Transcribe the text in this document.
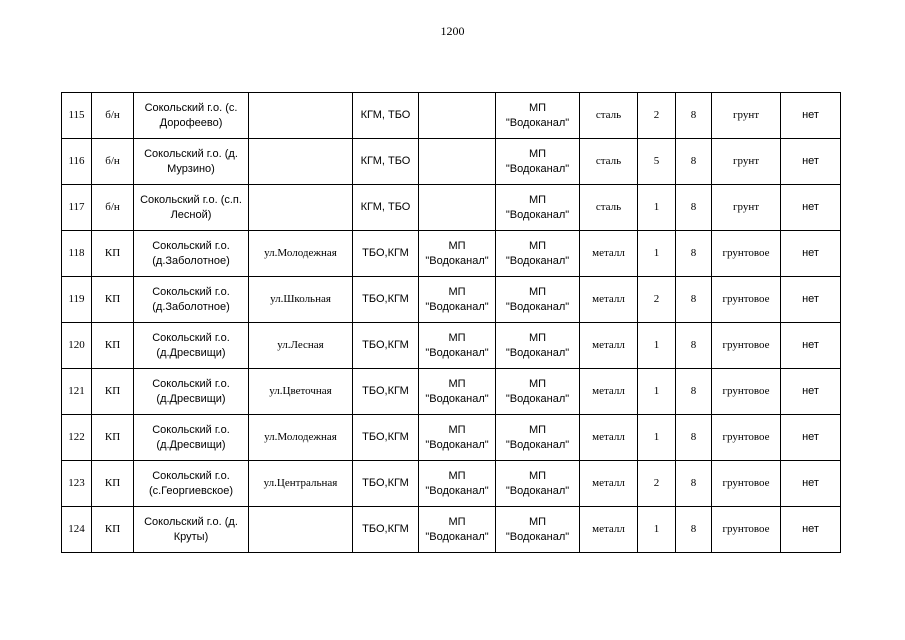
1200
115	б/н	Сокольский г.о. (с. Дорофеево)		КГМ, ТБО		МП "Водоканал"	сталь	2	8	грунт	нет
116	б/н	Сокольский г.о. (д. Мурзино)		КГМ, ТБО		МП "Водоканал"	сталь	5	8	грунт	нет
117	б/н	Сокольский г.о. (с.п. Лесной)		КГМ, ТБО		МП "Водоканал"	сталь	1	8	грунт	нет
118	КП	Сокольский г.о. (д.Заболотное)	ул.Молодежная	ТБО,КГМ	МП "Водоканал"	МП "Водоканал"	металл	1	8	грунтовое	нет
119	КП	Сокольский г.о. (д.Заболотное)	ул.Школьная	ТБО,КГМ	МП "Водоканал"	МП "Водоканал"	металл	2	8	грунтовое	нет
120	КП	Сокольский г.о. (д.Дресвищи)	ул.Лесная	ТБО,КГМ	МП "Водоканал"	МП "Водоканал"	металл	1	8	грунтовое	нет
121	КП	Сокольский г.о. (д.Дресвищи)	ул.Цветочная	ТБО,КГМ	МП "Водоканал"	МП "Водоканал"	металл	1	8	грунтовое	нет
122	КП	Сокольский г.о. (д.Дресвищи)	ул.Молодежная	ТБО,КГМ	МП "Водоканал"	МП "Водоканал"	металл	1	8	грунтовое	нет
123	КП	Сокольский г.о. (с.Георгиевское)	ул.Центральная	ТБО,КГМ	МП "Водоканал"	МП "Водоканал"	металл	2	8	грунтовое	нет
124	КП	Сокольский г.о. (д. Круты)		ТБО,КГМ	МП "Водоканал"	МП "Водоканал"	металл	1	8	грунтовое	нет
